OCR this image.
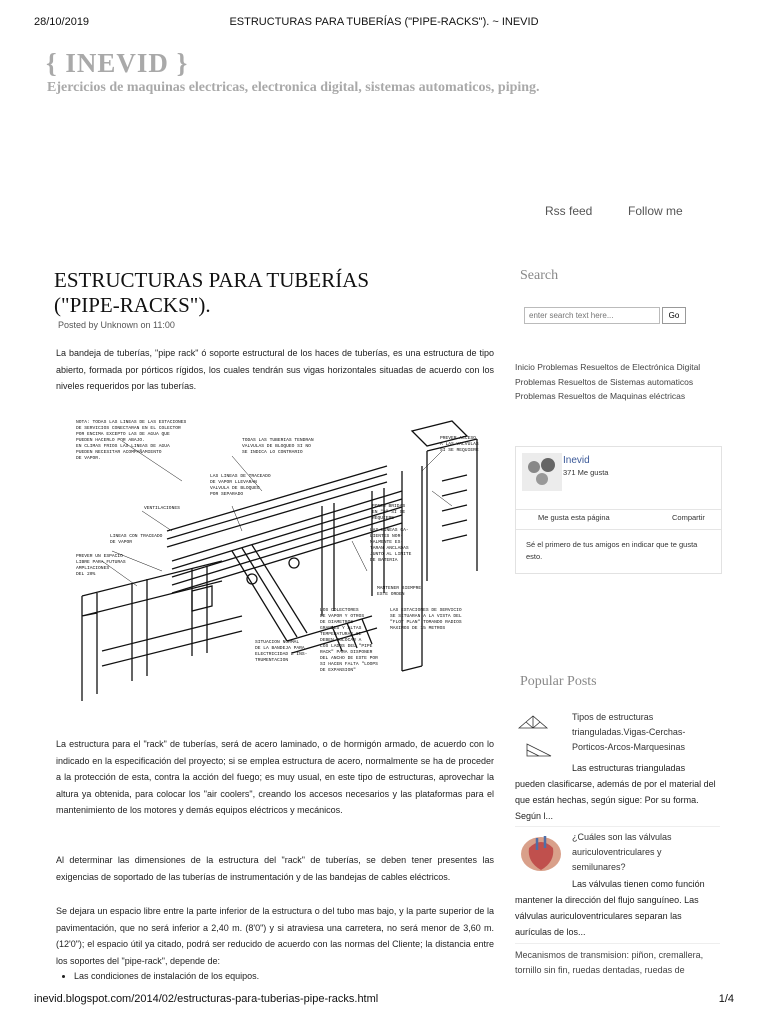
28/10/2019	ESTRUCTURAS PARA TUBERÍAS ("PIPE-RACKS"). ~ INEVID
{ INEVID }
Ejercicios de maquinas electricas, electronica digital, sistemas automaticos, piping.
Rss feed	Follow me
ESTRUCTURAS PARA TUBERÍAS ("PIPE-RACKS").
Posted by Unknown on 11:00

La bandeja de tuberías, "pipe rack" ó soporte estructural de los haces de tuberías, es una estructura de tipo abierto, formada por pórticos rígidos, los cuales tendrán sus vigas horizontales situadas de acuerdo con los niveles requeridos por las tuberías.

NOTA: TODAS LAS LINEAS DE LAS ESTACIONES
DE SERVICIOS CONECTARAN EN EL COLECTOR
POR ENCIMA EXCEPTO LAS DE AGUA QUE
PUEDEN HACERLO POR ABAJO.
EN CLIMAS FRIOS LAS LINEAS DE AGUA
PUEDEN NECESITAR ACOMPAÑAMIENTO
DE VAPOR.
TODAS LAS TUBERIAS TENDRAN
VALVULAS DE BLOQUEO SI NO
SE INDICA LO CONTRARIO
PREVER ACCESO
A LAS VALVULAS
SI SE REQUIERE
LAS LINEAS DE TRACEADO
DE VAPOR LLEVARAN
VALVULA DE BLOQUEO
POR SEPARADO
VENTILACIONES	PONER BRIDAS
EN "8" SI SE
REQUIERE
LINEAS CON TRACEADO
DE VAPOR
PREVER UN ESPACIO
LIBRE PARA FUTURAS
AMPLIACIONES
DEL 20%
LAS LINEAS CA-
LIENTES NOR-
MALMENTE ES-
TARAN ANCLADAS
JUNTO AL LIMITE
DE BATERIA
MANTENER SIEMPRE
ESTE ORDEN
SITUACION NORMAL
DE LA BANDEJA PARA
ELECTRICIDAD E INS-
TRUMENTACION
LOS COLECTORES
DE VAPOR Y OTROS
DE DIAMETROS
GRANDES Y ALTAS
TEMPERATURAS SE
DEBEN COLOCAR A
LOS LADOS DEL "PIPE
RACK" PARA DISPONER
DEL ANCHO DE ESTE POR
SI HACEN FALTA "LOOPS
DE EXPANSION"
LAS ESTACIONES DE SERVICIO
SE SITUARAN A LA VISTA DEL
"FLOT PLAN" TOMANDO RADIOS
MAXIMOS DE 15 METROS

La estructura para el "rack" de tuberías, será de acero laminado, o de hormigón armado, de acuerdo con lo indicado en la especificación del proyecto; si se emplea estructura de acero, normalmente se ha de proceder a la protección de esta, contra la acción del fuego; es muy usual, en este tipo de estructuras, aprovechar la altura ya obtenida, para colocar los "air coolers", creando los accesos necesarios y las plataformas para el mantenimiento de los motores y demás equipos eléctricos y mecánicos.

Al determinar las dimensiones de la estructura del "rack" de tuberías, se deben tener presentes las exigencias de soportado de las tuberías de instrumentación y de las bandejas de cables eléctricos.

Se dejara un espacio libre entre la parte inferior de la estructura o del tubo mas bajo, y la parte superior de la pavimentación, que no será inferior a 2,40 m. (8'0") y si atraviesa una carretera, no será menor de 3,60 m. (12'0"); el espacio útil ya citado, podrá ser reducido de acuerdo con las normas del Cliente; la distancia entre los soportes del "pipe-rack", depende de:

• Las condiciones de instalación de los equipos.
Search
enter search text here...
Go

Inicio Problemas Resueltos de Electrónica Digital Problemas Resueltos de Sistemas automaticos Problemas Resueltos de Maquinas eléctricas

Inevid
371 Me gusta
Me gusta esta página	Compartir
Sé el primero de tus amigos en indicar que te gusta esto.
Popular Posts
Tipos de estructuras trianguladas.Vigas-Cerchas-Porticos-Arcos-Marquesinas

Las estructuras trianguladas pueden clasificarse, además de por el material del que están hechas, según sigue: Por su forma. Según l...

¿Cuáles son las válvulas auriculoventriculares y semilunares?

Las válvulas tienen como función mantener la dirección del flujo sanguíneo. Las válvulas auriculoventriculares separan las aurículas de los...

Mecanismos de transmision: piñon, cremallera, tornillo sin fin, ruedas dentadas, ruedas de
inevid.blogspot.com/2014/02/estructuras-para-tuberias-pipe-racks.html	1/4
